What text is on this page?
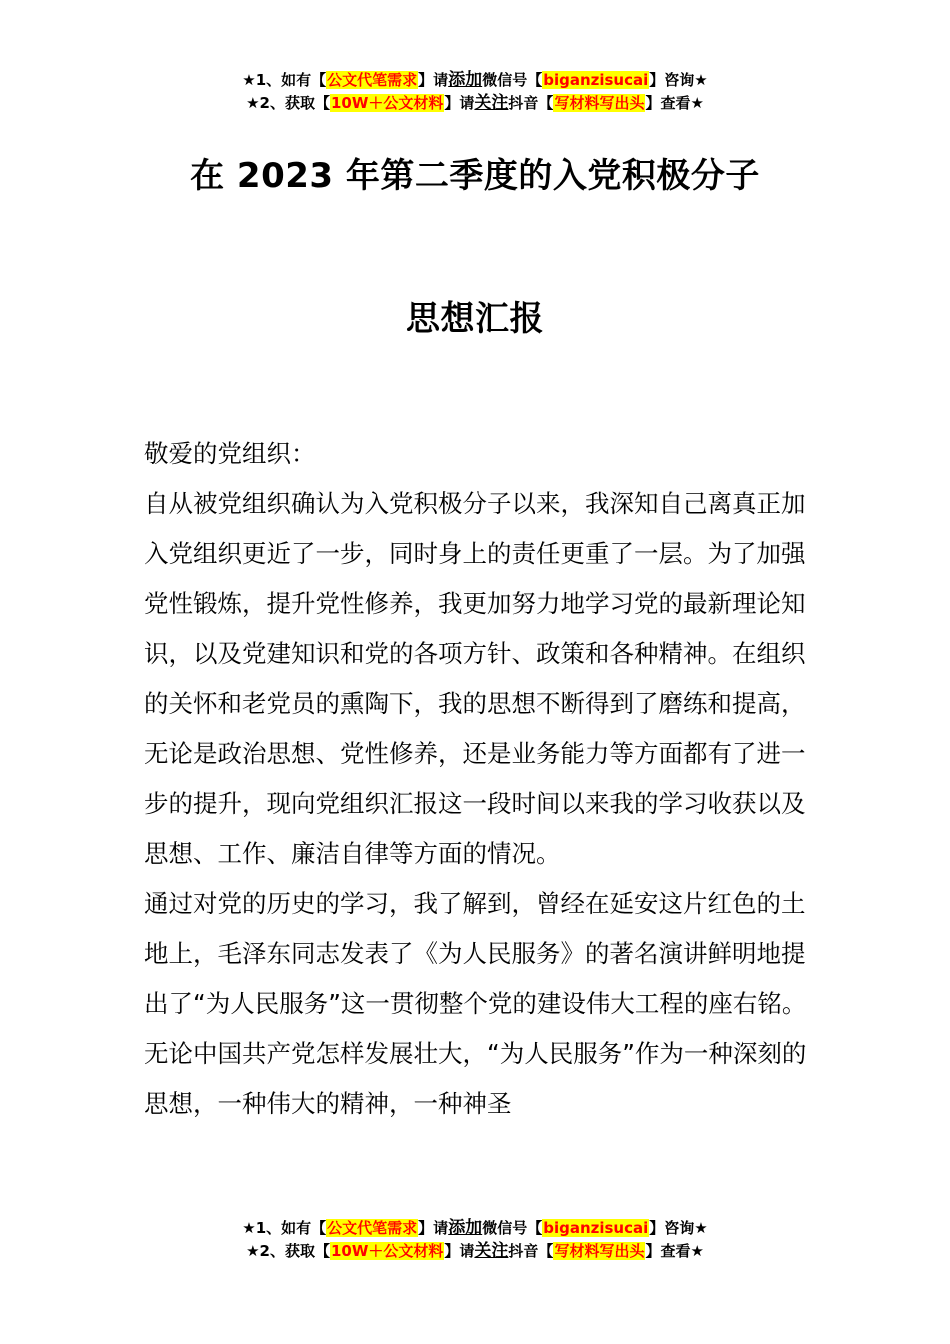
★1、如有【公文代笔需求】请添加微信号【biganzisucai】咨询★
★2、获取【10W＋公文材料】请关注抖音【写材料写出头】查看★
在 2023 年第二季度的入党积极分子
思想汇报

敬爱的党组织：

自从被党组织确认为入党积极分子以来，我深知自己离真正加入党组织更近了一步，同时身上的责任更重了一层。为了加强党性锻炼，提升党性修养，我更加努力地学习党的最新理论知识，以及党建知识和党的各项方针、政策和各种精神。在组织的关怀和老党员的熏陶下，我的思想不断得到了磨练和提高，无论是政治思想、党性修养，还是业务能力等方面都有了进一步的提升，现向党组织汇报这一段时间以来我的学习收获以及思想、工作、廉洁自律等方面的情况。

通过对党的历史的学习，我了解到，曾经在延安这片红色的土地上，毛泽东同志发表了《为人民服务》的著名演讲鲜明地提出了“为人民服务”这一贯彻整个党的建设伟大工程的座右铭。无论中国共产党怎样发展壮大，“为人民服务”作为一种深刻的思想，一种伟大的精神，一种神圣

★1、如有【公文代笔需求】请添加微信号【biganzisucai】咨询★
★2、获取【10W＋公文材料】请关注抖音【写材料写出头】查看★
